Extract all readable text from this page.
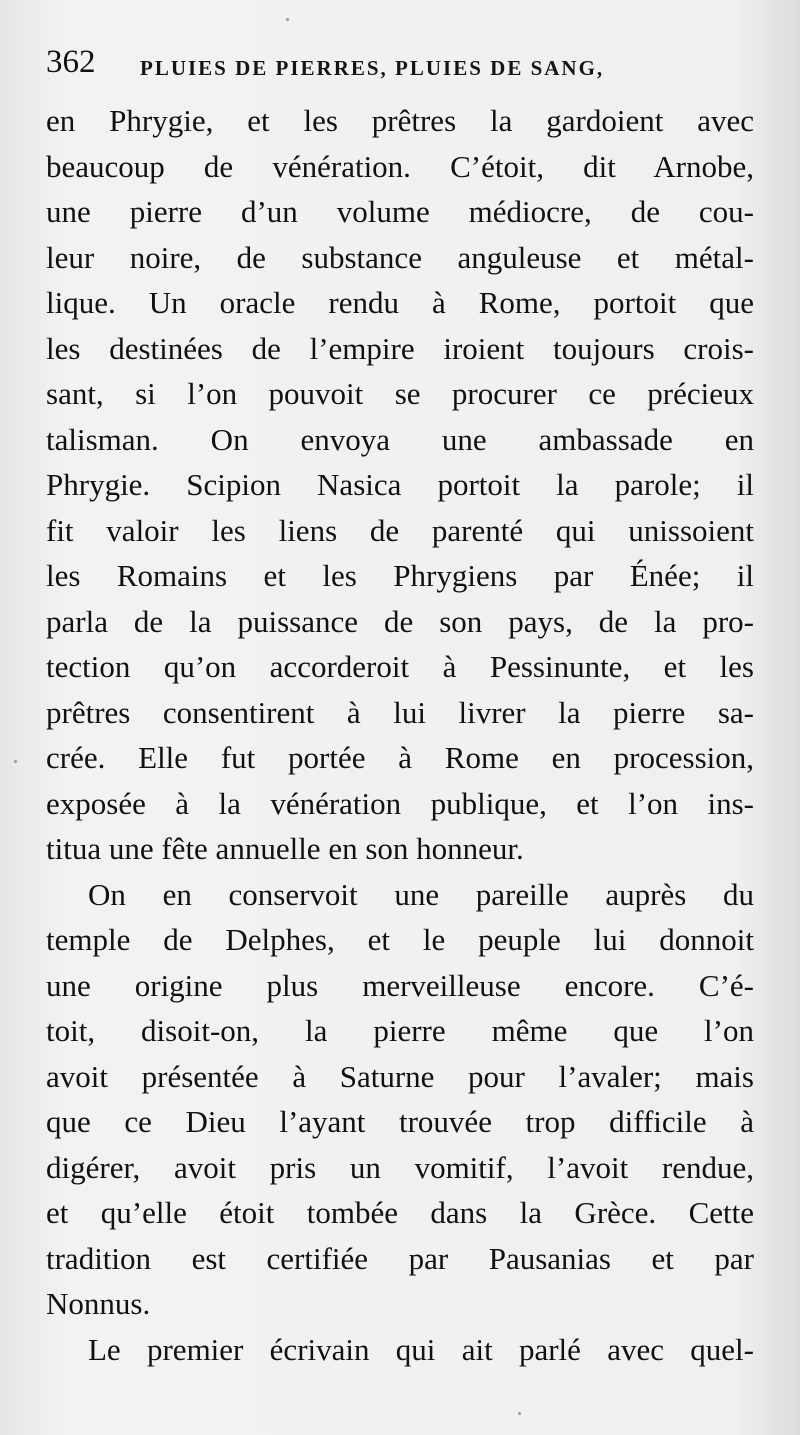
362 PLUIES DE PIERRES, PLUIES DE SANG,
en Phrygie, et les prêtres la gardoient avec
beaucoup de vénération. C’étoit, dit Arnobe,
une pierre d’un volume médiocre, de cou-
leur noire, de substance anguleuse et métal-
lique. Un oracle rendu à Rome, portoit que
les destinées de l’empire iroient toujours crois-
sant, si l’on pouvoit se procurer ce précieux
talisman. On envoya une ambassade en
Phrygie. Scipion Nasica portoit la parole; il
fit valoir les liens de parenté qui unissoient
les Romains et les Phrygiens par Énée; il
parla de la puissance de son pays, de la pro-
tection qu’on accorderoit à Pessinunte, et les
prêtres consentirent à lui livrer la pierre sa-
crée. Elle fut portée à Rome en procession,
exposée à la vénération publique, et l’on ins-
titua une fête annuelle en son honneur.
On en conservoit une pareille auprès du
temple de Delphes, et le peuple lui donnoit
une origine plus merveilleuse encore. C’é-
toit, disoit-on, la pierre même que l’on
avoit présentée à Saturne pour l’avaler; mais
que ce Dieu l’ayant trouvée trop difficile à
digérer, avoit pris un vomitif, l’avoit rendue,
et qu’elle étoit tombée dans la Grèce. Cette
tradition est certifiée par Pausanias et par
Nonnus.
Le premier écrivain qui ait parlé avec quel-
